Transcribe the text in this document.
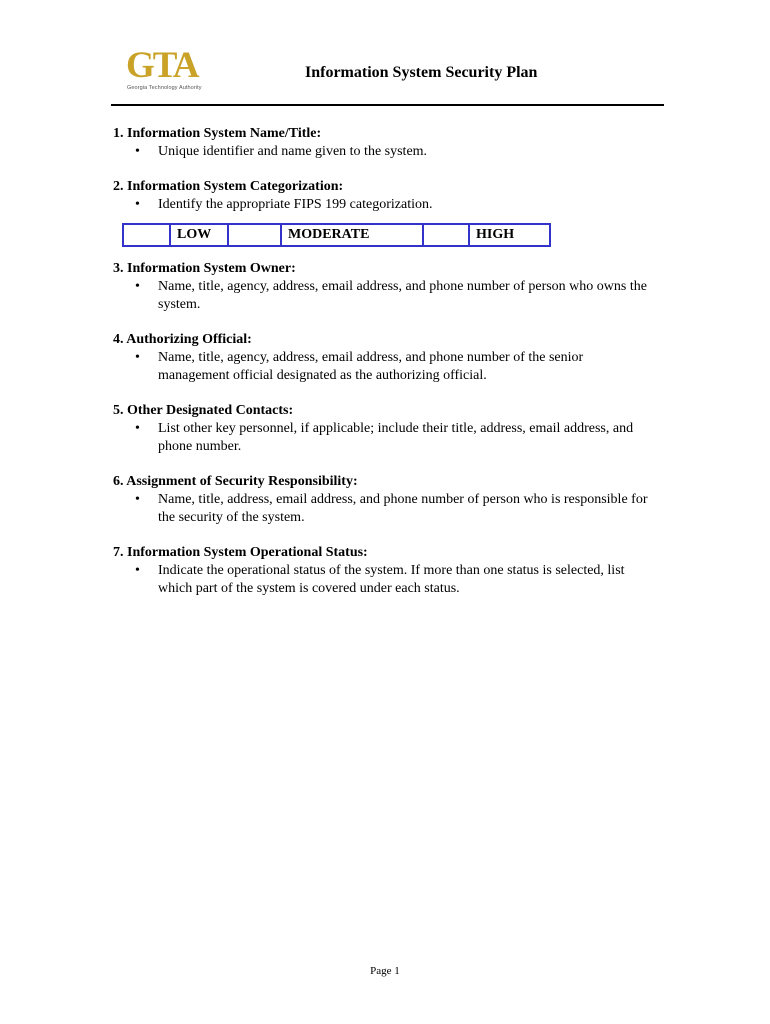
GTA
Georgia Technology Authority
Information System Security Plan
1. Information System Name/Title:
• Unique identifier and name given to the system.
2. Information System Categorization:
• Identify the appropriate FIPS 199 categorization.
	LOW		MODERATE		HIGH
3. Information System Owner:
• Name, title, agency, address, email address, and phone number of person who owns the system.
4. Authorizing Official:
• Name, title, agency, address, email address, and phone number of the senior management official designated as the authorizing official.
5. Other Designated Contacts:
• List other key personnel, if applicable; include their title, address, email address, and phone number.
6. Assignment of Security Responsibility:
• Name, title, address, email address, and phone number of person who is responsible for the security of the system.
7. Information System Operational Status:
• Indicate the operational status of the system. If more than one status is selected, list which part of the system is covered under each status.
Page 1
